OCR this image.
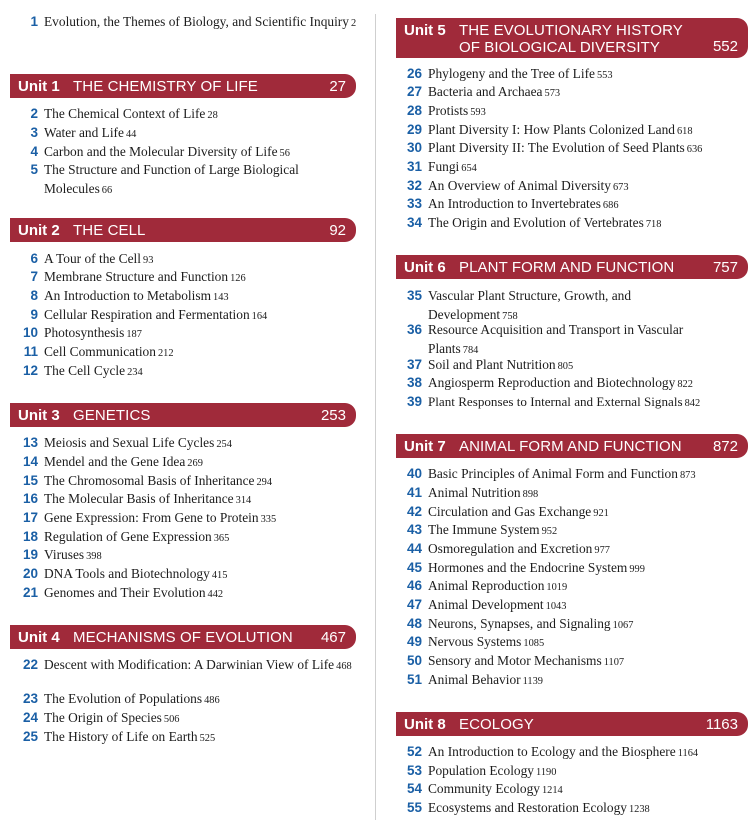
1 Evolution, the Themes of Biology, and Scientific Inquiry 2
Unit 1 THE CHEMISTRY OF LIFE	27
2 The Chemical Context of Life 28
3 Water and Life 44
4 Carbon and the Molecular Diversity of Life 56
5 The Structure and Function of Large Biological Molecules 66
Unit 2 THE CELL	92
6 A Tour of the Cell 93
7 Membrane Structure and Function 126
8 An Introduction to Metabolism 143
9 Cellular Respiration and Fermentation 164
10 Photosynthesis 187
11 Cell Communication 212
12 The Cell Cycle 234
Unit 3 GENETICS	253
13 Meiosis and Sexual Life Cycles 254
14 Mendel and the Gene Idea 269
15 The Chromosomal Basis of Inheritance 294
16 The Molecular Basis of Inheritance 314
17 Gene Expression: From Gene to Protein 335
18 Regulation of Gene Expression 365
19 Viruses 398
20 DNA Tools and Biotechnology 415
21 Genomes and Their Evolution 442
Unit 4 MECHANISMS OF EVOLUTION 467
22 Descent with Modification: A Darwinian View of Life 468
23 The Evolution of Populations 486
24 The Origin of Species 506
25 The History of Life on Earth 525
Unit 5 THE EVOLUTIONARY HISTORY
OF BIOLOGICAL DIVERSITY	552
26 Phylogeny and the Tree of Life 553
27 Bacteria and Archaea 573
28 Protists 593
29 Plant Diversity I: How Plants Colonized Land 618
30 Plant Diversity II: The Evolution of Seed Plants 636
31 Fungi 654
32 An Overview of Animal Diversity 673
33 An Introduction to Invertebrates 686
34 The Origin and Evolution of Vertebrates 718
Unit 6 PLANT FORM AND FUNCTION	757
35 Vascular Plant Structure, Growth, and Development 758
36 Resource Acquisition and Transport in Vascular Plants 784
37 Soil and Plant Nutrition 805
38 Angiosperm Reproduction and Biotechnology 822
39 Plant Responses to Internal and External Signals 842
Unit 7 ANIMAL FORM AND FUNCTION 872
40 Basic Principles of Animal Form and Function 873
41 Animal Nutrition 898
42 Circulation and Gas Exchange 921
43 The Immune System 952
44 Osmoregulation and Excretion 977
45 Hormones and the Endocrine System 999
46 Animal Reproduction 1019
47 Animal Development 1043
48 Neurons, Synapses, and Signaling 1067
49 Nervous Systems 1085
50 Sensory and Motor Mechanisms 1107
51 Animal Behavior 1139
Unit 8 ECOLOGY	1163
52 An Introduction to Ecology and the Biosphere 1164
53 Population Ecology 1190
54 Community Ecology 1214
55 Ecosystems and Restoration Ecology 1238
